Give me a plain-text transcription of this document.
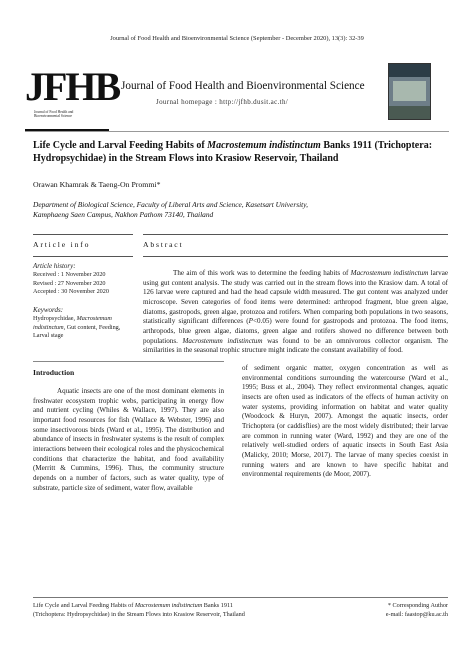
Journal of Food Health and Bioenvironmental Science (September - December 2020), 13(3): 32-39
JFHB
Journal of Food Health and Bioenvironmental Science
Journal of Food Health and Bioenvironmental Science
Journal homepage : http://jfhb.dusit.ac.th/
Life Cycle and Larval Feeding Habits of Macrostemum indistinctum Banks 1911 (Trichoptera: Hydropsychidae) in the Stream Flows into Krasiow Reservoir, Thailand
Orawan Khamrak & Taeng-On Prommi*
Department of Biological Science, Faculty of Liberal Arts and Science, Kasetsart University,
Kamphaeng Saen Campus, Nakhon Pathom 73140, Thailand
Article info	Abstract
Article history:
Received : 1 November 2020
Revised : 27 November 2020
Accepted : 30 November 2020
Keywords:
Hydropsychidae, Macrostemum indistinctum, Gut content, Feeding, Larval stage
The aim of this work was to determine the feeding habits of Macrostemum indistinctum larvae using gut content analysis. The study was carried out in the stream flows into the Krasiow dam. A total of 126 larvae were captured and had the head capsule width measured. The gut content was analyzed under microscope. Seven categories of food items were determined: arthropod fragment, blue green algae, diatoms, gastropods, green algae, protozoa and rotifers. When comparing both populations in two seasons, statistically significant differences (P<0.05) were found for gastropods and protozoa. The food items, arthropods, blue green algae, diatoms, green algae and rotifers showed no difference between both populations. Macrostemum indistinctum was found to be an omnivorous collector organism. The similarities in the seasonal trophic structure might indicate the constant availability of food.
Introduction
Aquatic insects are one of the most dominant elements in freshwater ecosystem trophic webs, participating in energy flow and nutrient cycling (Whiles & Wallace, 1997). They are also important food resources for fish (Wallace & Webster, 1996) and some insectivorous birds (Ward et al., 1995). The distribution and abundance of insects in freshwater systems is the result of complex interactions between their ecological roles and the physicochemical conditions that characterize the habitat, and food availability (Merritt & Cummins, 1996). Thus, the community structure depends on a number of factors, such as water quality, type of substrate, particle size of sediment, water flow, available
of sediment organic matter, oxygen concentration as well as environmental conditions surrounding the watercourse (Ward et al., 1995; Buss et al., 2004). They reflect environmental changes, aquatic insects are often used as indicators of the effects of human activity on water systems, providing information on habitat and water quality (Woodcock & Huryn, 2007). Amongst the aquatic insects, order Trichoptera (or caddisflies) are the most widely distributed; their larvae are common in running water (Ward, 1992) and they are one of the relatively well-studied orders of aquatic insects in South East Asia (Malicky, 2010; Morse, 2017). The larvae of many species coexist in running waters and are known to have specific habitat and environmental requirements (de Moor, 2007).
Life Cycle and Larval Feeding Habits of Macrostemum indistinctum Banks 1911
(Trichoptera: Hydropsychidae) in the Stream Flows into Krasiow Reservoir, Thailand
* Corresponding Author
e-mail: faastop@ku.ac.th
